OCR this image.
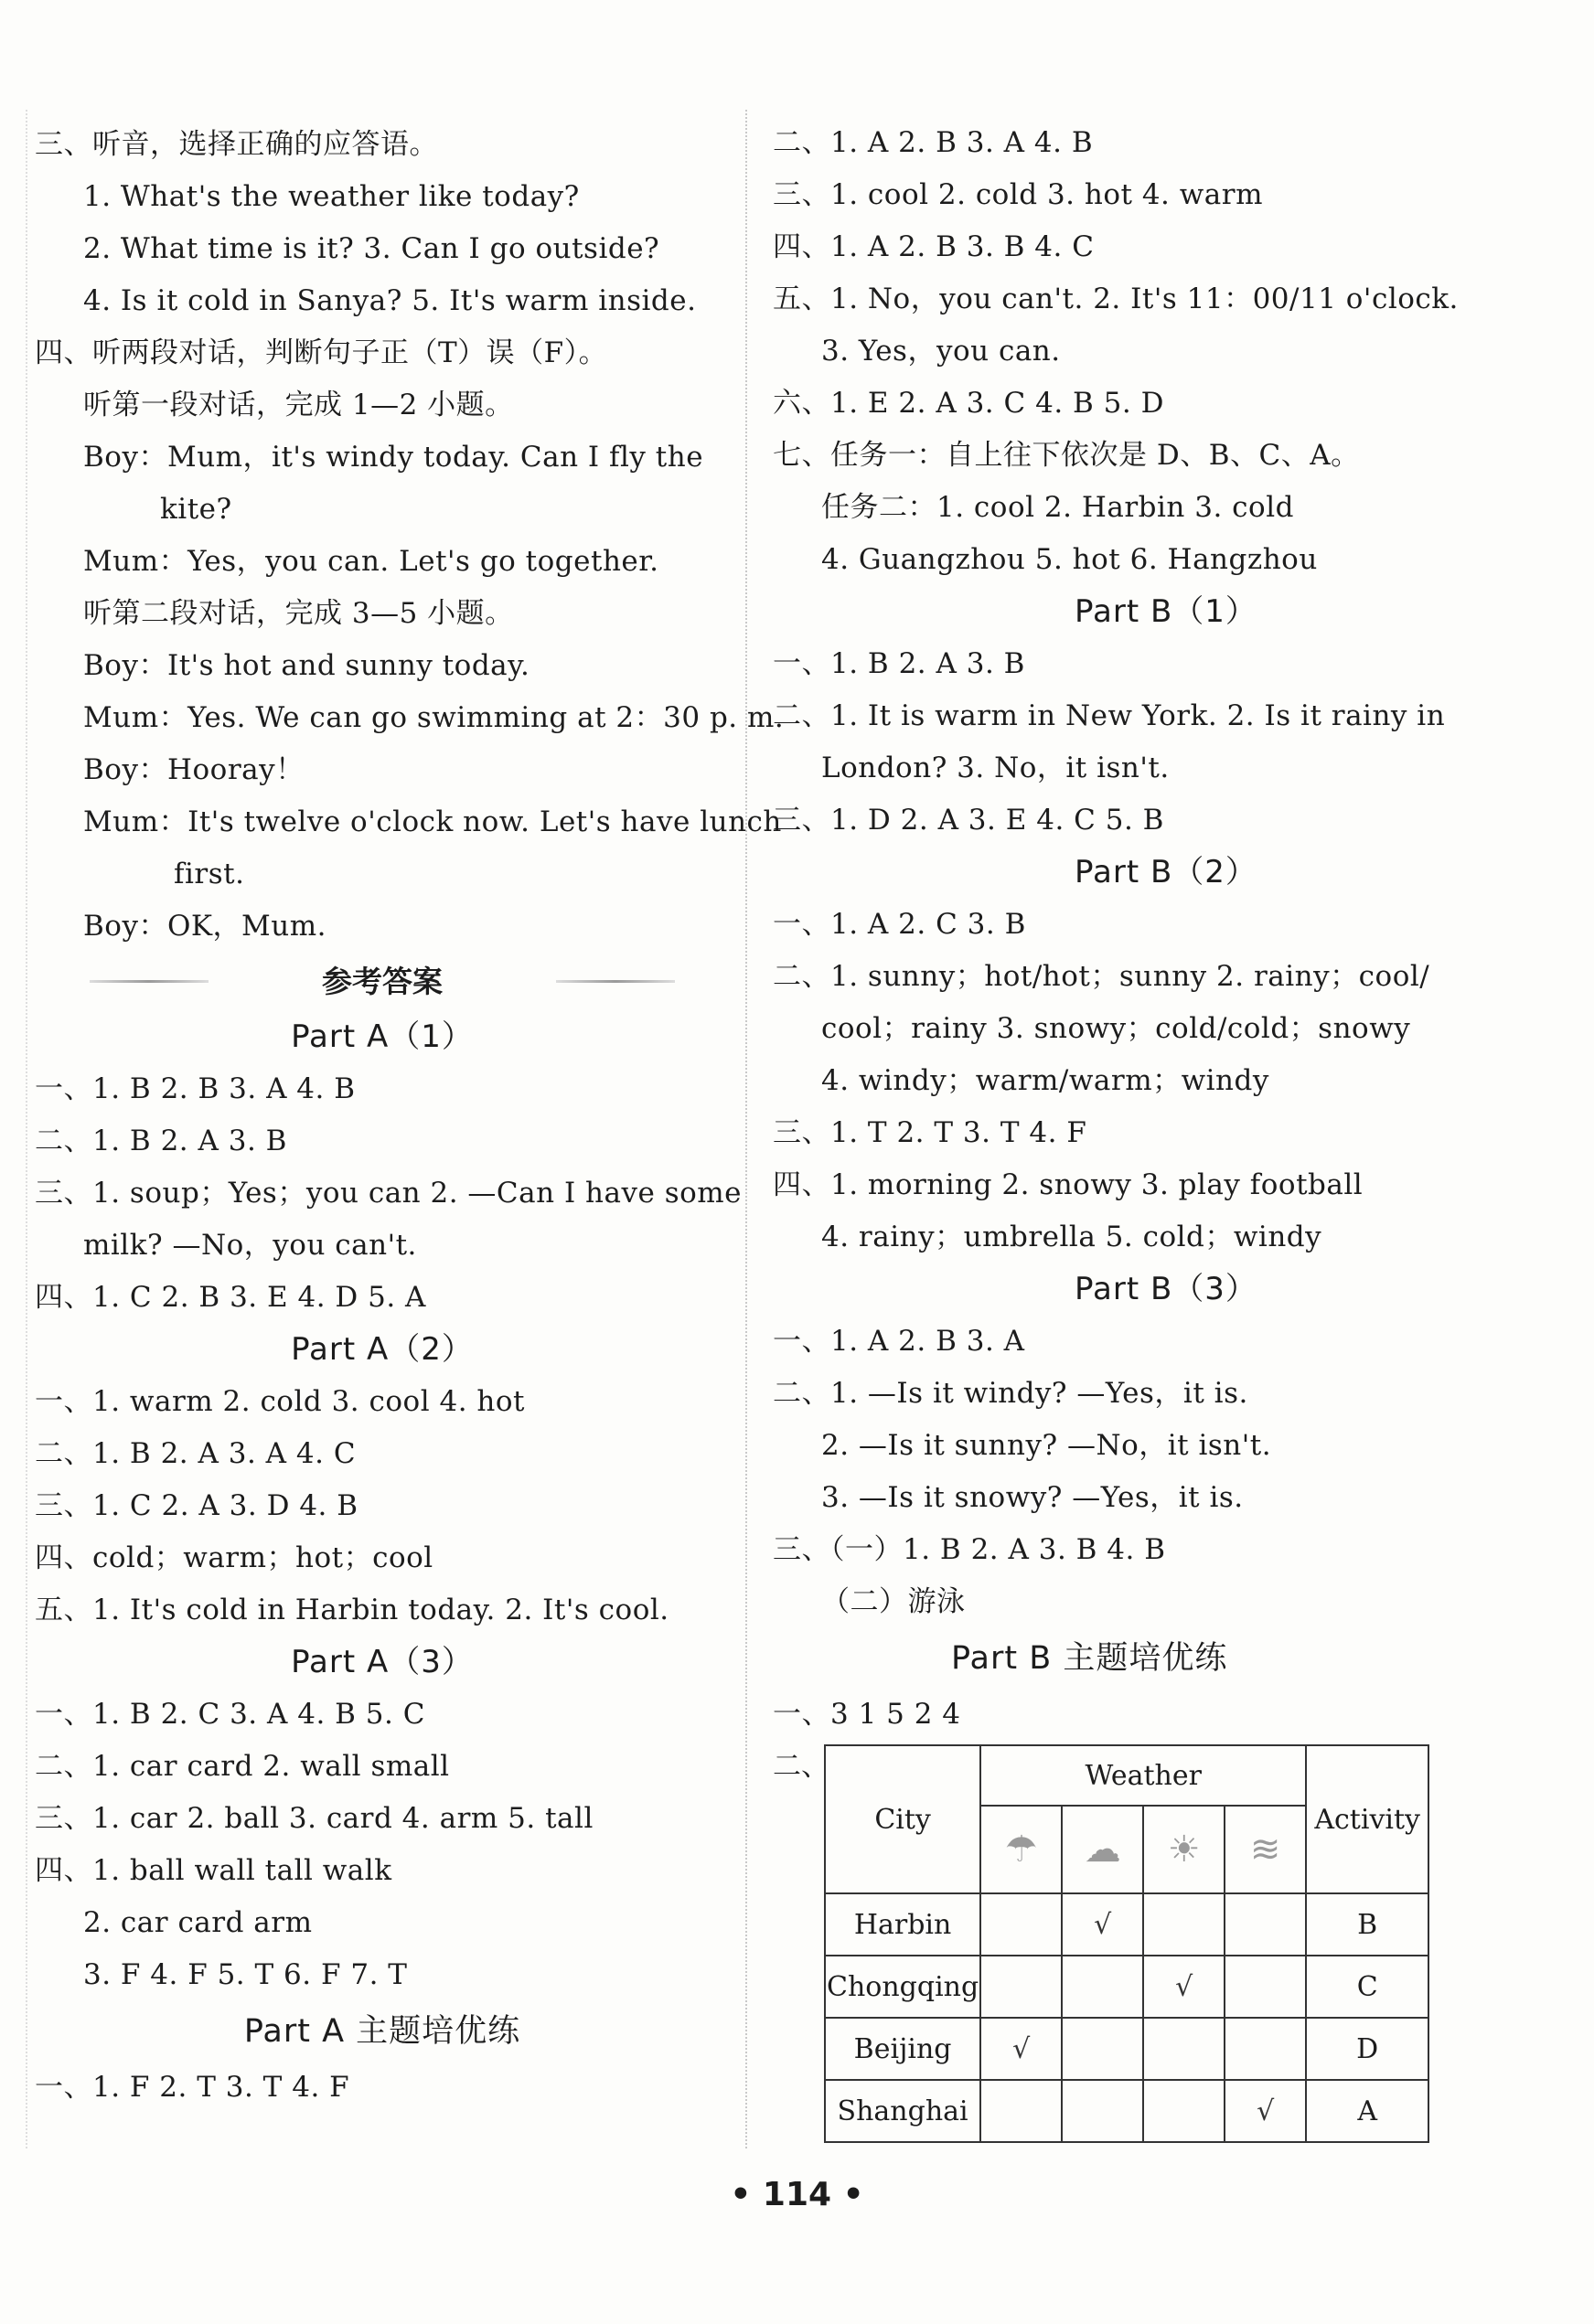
三、听音，选择正确的应答语。
1. What's the weather like today?
2. What time is it? 3. Can I go outside?
4. Is it cold in Sanya? 5. It's warm inside.
四、听两段对话，判断句子正（T）误（F）。
听第一段对话，完成 1—2 小题。
Boy：Mum，it's windy today. Can I fly the
kite?
Mum：Yes，you can. Let's go together.
听第二段对话，完成 3—5 小题。
Boy：It's hot and sunny today.
Mum：Yes. We can go swimming at 2：30 p. m.
Boy：Hooray！
Mum：It's twelve o'clock now. Let's have lunch
first.
Boy：OK，Mum.
参考答案
Part A（1）
一、1. B 2. B 3. A 4. B
二、1. B 2. A 3. B
三、1. soup；Yes；you can 2. —Can I have some
milk? —No，you can't.
四、1. C 2. B 3. E 4. D 5. A
Part A（2）
一、1. warm 2. cold 3. cool 4. hot
二、1. B 2. A 3. A 4. C
三、1. C 2. A 3. D 4. B
四、cold；warm；hot；cool
五、1. It's cold in Harbin today. 2. It's cool.
Part A（3）
一、1. B 2. C 3. A 4. B 5. C
二、1. car card 2. wall small
三、1. car 2. ball 3. card 4. arm 5. tall
四、1. ball wall tall walk
2. car card arm
3. F 4. F 5. T 6. F 7. T
Part A 主题培优练
一、1. F 2. T 3. T 4. F
二、1. A 2. B 3. A 4. B
三、1. cool 2. cold 3. hot 4. warm
四、1. A 2. B 3. B 4. C
五、1. No，you can't. 2. It's 11：00/11 o'clock.
3. Yes，you can.
六、1. E 2. A 3. C 4. B 5. D
七、任务一：自上往下依次是 D、B、C、A。
任务二：1. cool 2. Harbin 3. cold
4. Guangzhou 5. hot 6. Hangzhou
Part B（1）
一、1. B 2. A 3. B
二、1. It is warm in New York. 2. Is it rainy in
London? 3. No，it isn't.
三、1. D 2. A 3. E 4. C 5. B
Part B（2）
一、1. A 2. C 3. B
二、1. sunny；hot/hot；sunny 2. rainy；cool/
cool；rainy 3. snowy；cold/cold；snowy
4. windy；warm/warm；windy
三、1. T 2. T 3. T 4. F
四、1. morning 2. snowy 3. play football
4. rainy；umbrella 5. cold；windy
Part B（3）
一、1. A 2. B 3. A
二、1. —Is it windy? —Yes，it is.
2. —Is it sunny? —No，it isn't.
3. —Is it snowy? —Yes，it is.
三、（一）1. B 2. A 3. B 4. B
（二）游泳
Part B 主题培优练
一、3 1 5 2 4
二、
City	Weather				Activity
	☂	☁	☀	≋	
Harbin		√			B
Chongqing			√		C
Beijing	√				D
Shanghai				√	A
• 114 •
